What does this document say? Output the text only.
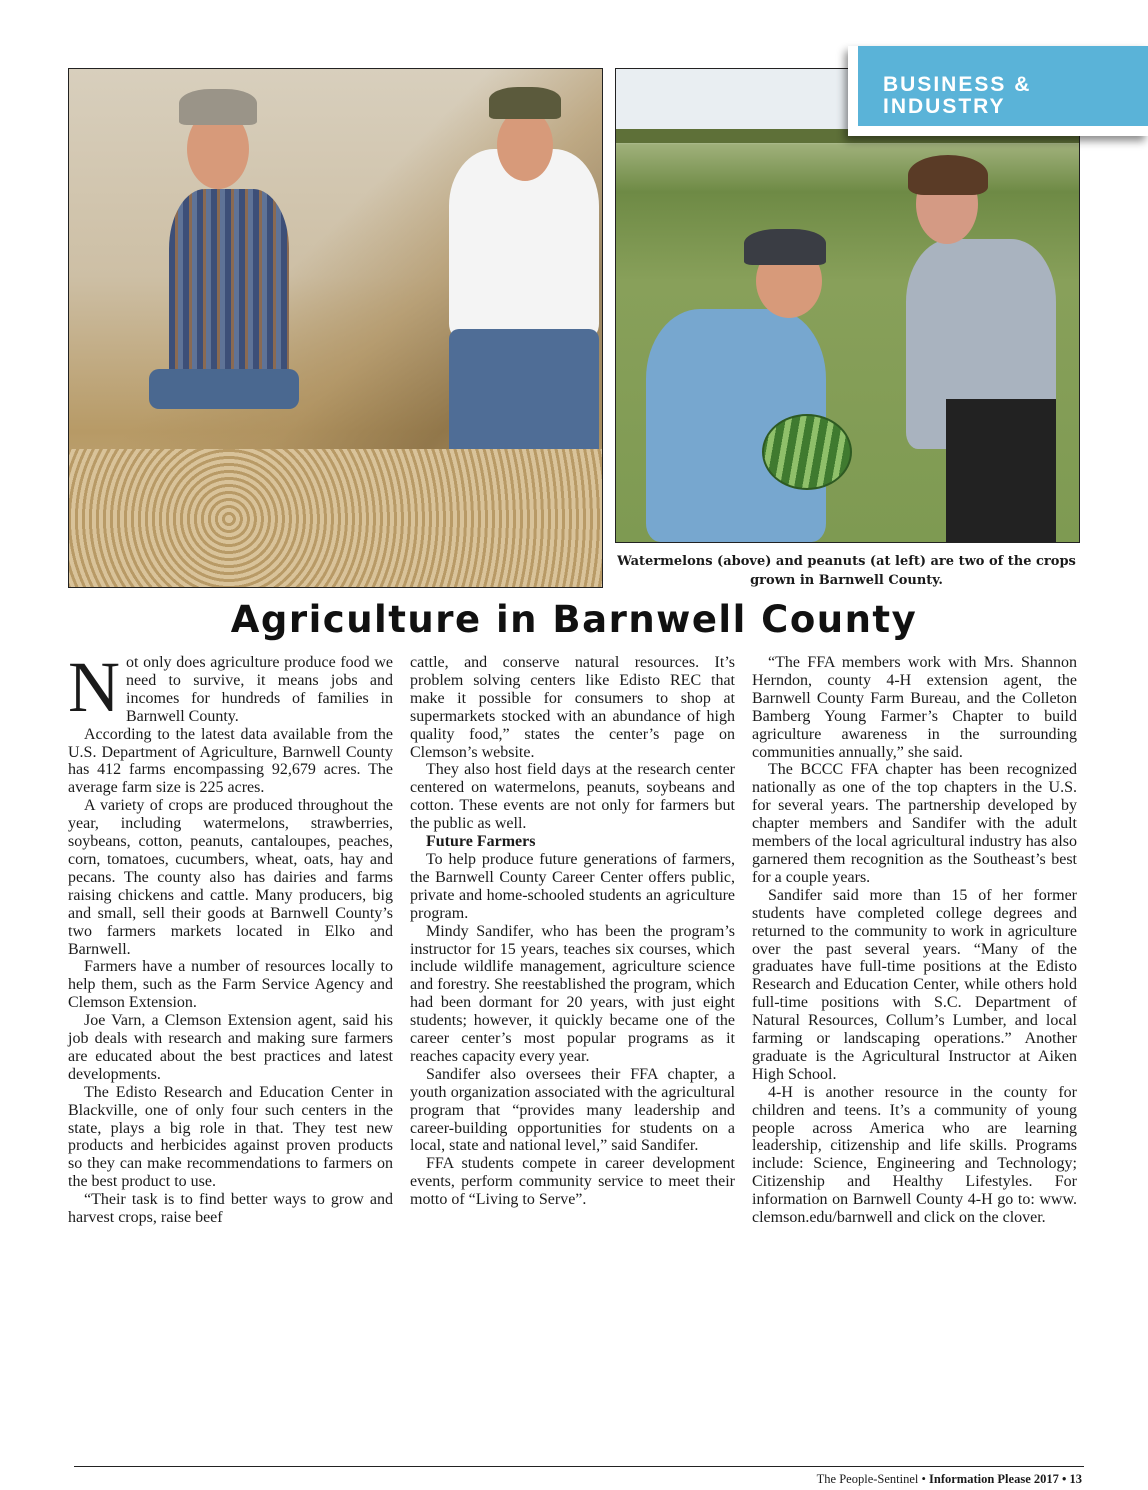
BUSINESS &
INDUSTRY
Watermelons (above) and peanuts (at left) are two of the crops grown in Barnwell County.
Agriculture in Barnwell County

Not only does agriculture produce food we need to survive, it means jobs and incomes for hundreds of families in Barnwell County.

According to the latest data available from the U.S. Department of Agriculture, Barnwell County has 412 farms encompassing 92,679 acres. The average farm size is 225 acres.

A variety of crops are produced throughout the year, including watermelons, strawberries, soybeans, cotton, peanuts, cantaloupes, peaches, corn, tomatoes, cucumbers, wheat, oats, hay and pecans. The county also has dairies and farms raising chickens and cattle. Many producers, big and small, sell their goods at Barnwell County’s two farmers markets located in Elko and Barnwell.

Farmers have a number of resources locally to help them, such as the Farm Service Agency and Clemson Extension.

Joe Varn, a Clemson Extension agent, said his job deals with research and making sure farmers are educated about the best practices and latest developments.

The Edisto Research and Education Center in Blackville, one of only four such centers in the state, plays a big role in that. They test new products and herbicides against proven products so they can make recommendations to farmers on the best product to use.

“Their task is to find better ways to grow and harvest crops, raise beef

cattle, and conserve natural resources. It’s problem solving centers like Edisto REC that make it possible for consumers to shop at supermarkets stocked with an abundance of high quality food,” states the center’s page on Clemson’s website.

They also host field days at the research center centered on watermelons, peanuts, soybeans and cotton. These events are not only for farmers but the public as well.

Future Farmers

To help produce future generations of farmers, the Barnwell County Career Center offers public, private and home-schooled students an agriculture program.

Mindy Sandifer, who has been the program’s instructor for 15 years, teaches six courses, which include wildlife management, agriculture science and forestry. She reestablished the program, which had been dormant for 20 years, with just eight students; however, it quickly became one of the career center’s most popular programs as it reaches capacity every year.

Sandifer also oversees their FFA chapter, a youth organization associated with the agricultural program that “provides many leadership and career-building opportunities for students on a local, state and national level,” said Sandifer.

FFA students compete in career development events, perform community service to meet their motto of “Living to Serve”.

“The FFA members work with Mrs. Shannon Herndon, county 4-H extension agent, the Barnwell County Farm Bureau, and the Colleton Bamberg Young Farmer’s Chapter to build agriculture awareness in the surrounding communities annually,” she said.

The BCCC FFA chapter has been recognized nationally as one of the top chapters in the U.S. for several years. The partnership developed by chapter members and Sandifer with the adult members of the local agricultural industry has also garnered them recognition as the Southeast’s best for a couple years.

Sandifer said more than 15 of her former students have completed college degrees and returned to the community to work in agriculture over the past several years. “Many of the graduates have full-time positions at the Edisto Research and Education Center, while others hold full-time positions with S.C. Department of Natural Resources, Collum’s Lumber, and local farming or landscaping operations.” Another graduate is the Agricultural Instructor at Aiken High School.

4-H is another resource in the county for children and teens. It’s a community of young people across America who are learning leadership, citizenship and life skills. Programs include: Science, Engineering and Technology; Citizenship and Healthy Lifestyles. For information on Barnwell County 4-H go to: www. clemson.edu/barnwell and click on the clover.

The People-Sentinel • Information Please 2017 • 13
